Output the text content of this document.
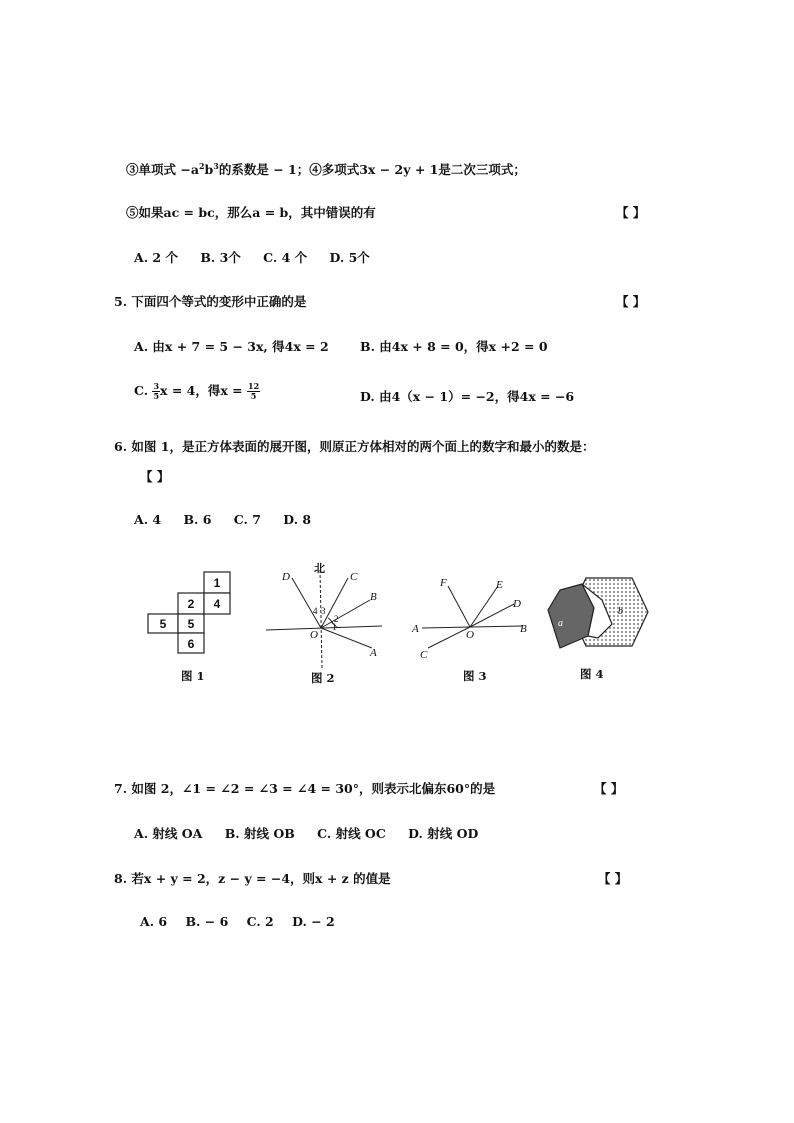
③单项式 $-a^2b^3$的系数是 − 1；④多项式3x − 2y + 1是二次三项式；
⑤如果ac = bc，那么a = b，其中错误的有	【 】
A. 2 个 B. 3个 C. 4 个 D. 5个
5. 下面四个等式的变形中正确的是	【 】
A. 由x + 7 = 5 − 3x, 得4x = 2	B. 由4x + 8 = 0，得x +2 = 0
C. $\frac{3}{5}$ x = 4，得$x = \frac{12}{5}$	D. 由4（x − 1）= −2，得4x = −6
6. 如图 1，是正方体表面的展开图，则原正方体相对的两个面上的数字和最小的数是：
【 】
A. 4 B. 6 C. 7 D. 8
1
2 4
5 5
6
图 1
北
D	C
B
A
O
4 3
2
1
图 2
F	E
D
A	O	B
C
图 3
a
b
图 4
7. 如图 2，∠1 = ∠2 = ∠3 = ∠4 = 30°，则表示北偏东60°的是	【 】
A. 射线 OA B. 射线 OB C. 射线 OC D. 射线 OD
8. 若x + y = 2，z − y = −4，则x + z 的值是	【 】
A. 6 B. − 6 C. 2 D. − 2
